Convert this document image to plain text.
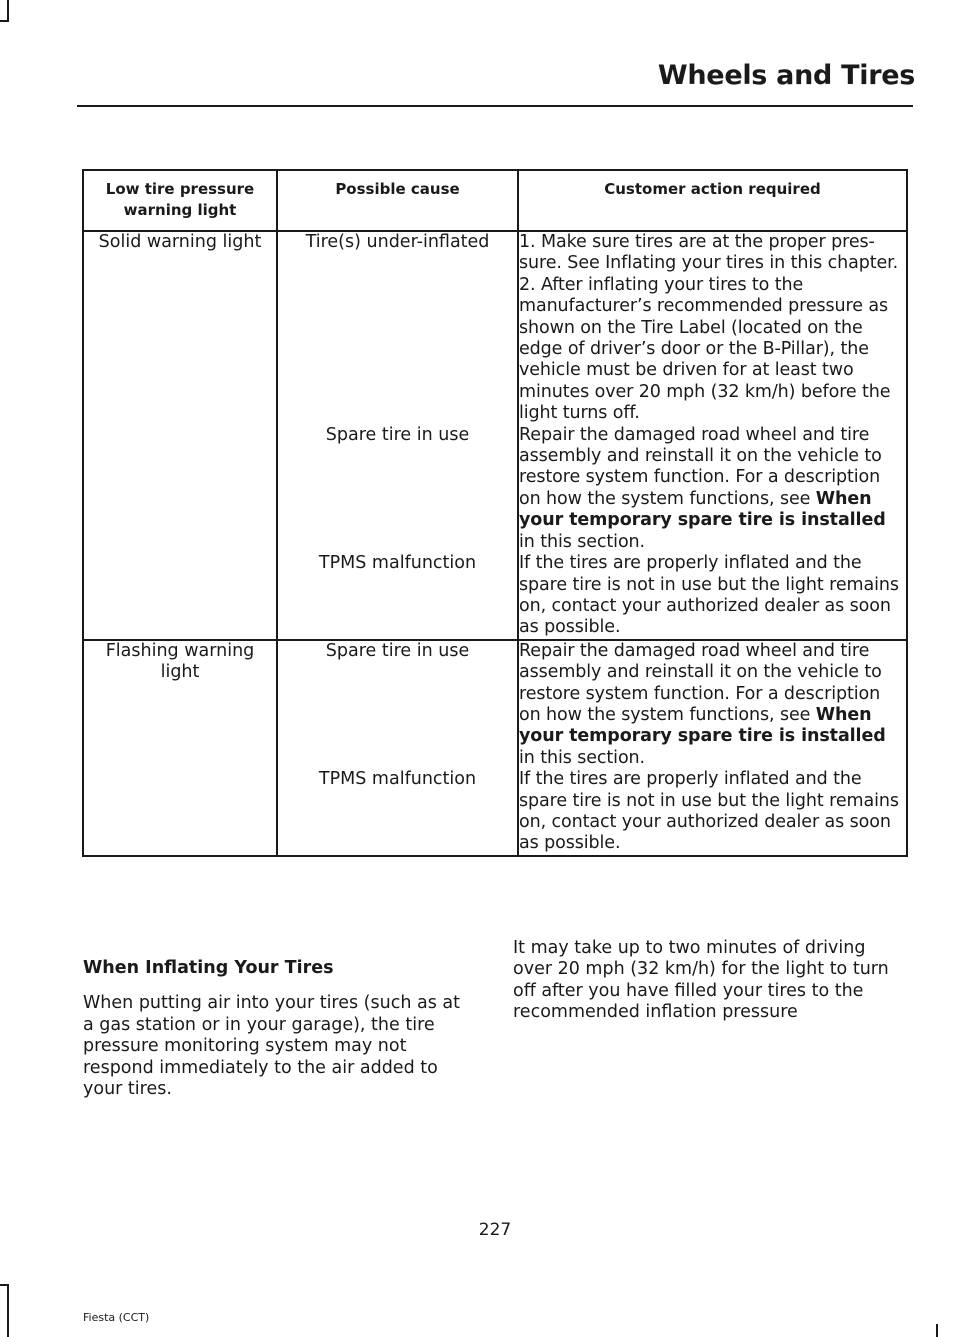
Wheels and Tires
Low tire pressure warning light	Possible cause	Customer action required
Solid warning light	Tire(s) under-inflated	1. Make sure tires are at the proper pres-sure. See Inflating your tires in this chapter. 2. After inflating your tires to the manufacturer’s recommended pressure as shown on the Tire Label (located on the edge of driver’s door or the B-Pillar), the vehicle must be driven for at least two minutes over 20 mph (32 km/h) before the light turns off.
	Spare tire in use	Repair the damaged road wheel and tire assembly and reinstall it on the vehicle to restore system function. For a description on how the system functions, see When your temporary spare tire is installed in this section.
	TPMS malfunction	If the tires are properly inflated and the spare tire is not in use but the light remains on, contact your authorized dealer as soon as possible.
Flashing warning light	Spare tire in use	Repair the damaged road wheel and tire assembly and reinstall it on the vehicle to restore system function. For a description on how the system functions, see When your temporary spare tire is installed in this section.
	TPMS malfunction	If the tires are properly inflated and the spare tire is not in use but the light remains on, contact your authorized dealer as soon as possible.
When Inflating Your Tires

When putting air into your tires (such as at a gas station or in your garage), the tire pressure monitoring system may not respond immediately to the air added to your tires.

It may take up to two minutes of driving over 20 mph (32 km/h) for the light to turn off after you have filled your tires to the recommended inflation pressure

227
Fiesta (CCT)
